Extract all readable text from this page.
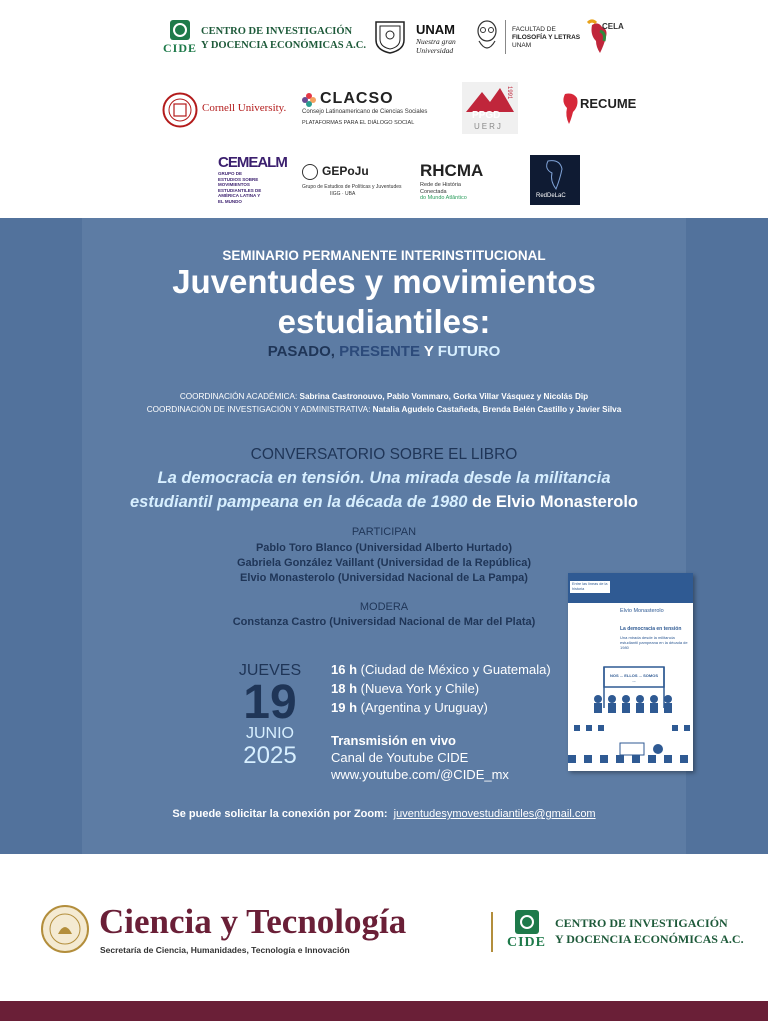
CIDE
CENTRO DE INVESTIGACIÓN
Y DOCENCIA ECONÓMICAS A.C.
UNAM
Nuestra gran Universidad
FACULTAD DE
FILOSOFÍA Y LETRAS
UNAM
CELA
Cornell University.
CLACSO
Consejo Latinoamericano de Ciencias Sociales
PLATAFORMAS PARA EL DIÁLOGO SOCIAL
PPGD
UERJ
1991
RECUME
CEMEALM
GRUPO DE ESTUDIOS SOBRE MOVIMIENTOS ESTUDIANTILES DE AMÉRICA LATINA Y EL MUNDO
GEPoJu
Grupo de Estudios de Políticas y Juventudes
IIGG · UBA
RHCMA
Rede de História
Conectada
do Mundo Atlântico	RedDeLaC
SEMINARIO PERMANENTE INTERINSTITUCIONAL
Juventudes y movimientos
estudiantiles:
PASADO, PRESENTE Y FUTURO
COORDINACIÓN ACADÉMICA: Sabrina Castronouvo, Pablo Vommaro, Gorka Villar Vásquez y Nicolás Dip
COORDINACIÓN DE INVESTIGACIÓN Y ADMINISTRATIVA: Natalia Agudelo Castañeda, Brenda Belén Castillo y Javier Silva
CONVERSATORIO SOBRE EL LIBRO
La democracia en tensión. Una mirada desde la militancia
estudiantil pampeana en la década de 1980 de Elvio Monasterolo
PARTICIPAN
Pablo Toro Blanco (Universidad Alberto Hurtado)
Gabriela González Vaillant (Universidad de la República)
Elvio Monasterolo (Universidad Nacional de La Pampa)
MODERA
Constanza Castro (Universidad Nacional de Mar del Plata)
JUEVES
19
JUNIO
2025
16 h (Ciudad de México y Guatemala)
18 h (Nueva York y Chile)
19 h (Argentina y Uruguay)
Transmisión en vivo
Canal de Youtube CIDE
www.youtube.com/@CIDE_mx
Se puede solicitar la conexión por Zoom: juventudesymovestudiantiles@gmail.com
Entre las líneas de la historia
Elvio Monasterolo
La democracia en tensión
Una mirada desde la militancia estudiantil pampeana en la década de 1980
NOS ... ELLOS ... SOMOS ...
Ciencia y Tecnología
Secretaría de Ciencia, Humanidades, Tecnología e Innovación	CIDE
CENTRO DE INVESTIGACIÓN
Y DOCENCIA ECONÓMICAS A.C.
